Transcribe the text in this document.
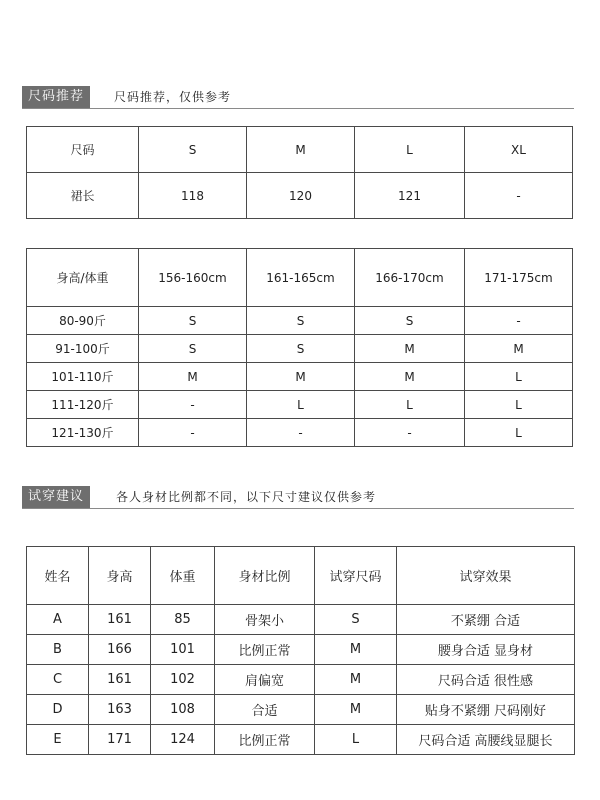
尺码推荐	尺码推荐，仅供参考
尺码	S	M	L	XL
裙长	118	120	121	-
身高/体重	156-160cm	161-165cm	166-170cm	171-175cm
80-90斤	S	S	S	-
91-100斤	S	S	M	M
101-110斤	M	M	M	L
111-120斤	-	L	L	L
121-130斤	-	-	-	L
试穿建议	各人身材比例都不同，以下尺寸建议仅供参考
姓名	身高	体重	身材比例	试穿尺码	试穿效果
A	161	85	骨架小	S	不紧绷 合适
B	166	101	比例正常	M	腰身合适 显身材
C	161	102	肩偏宽	M	尺码合适 很性感
D	163	108	合适	M	贴身不紧绷 尺码刚好
E	171	124	比例正常	L	尺码合适 高腰线显腿长
